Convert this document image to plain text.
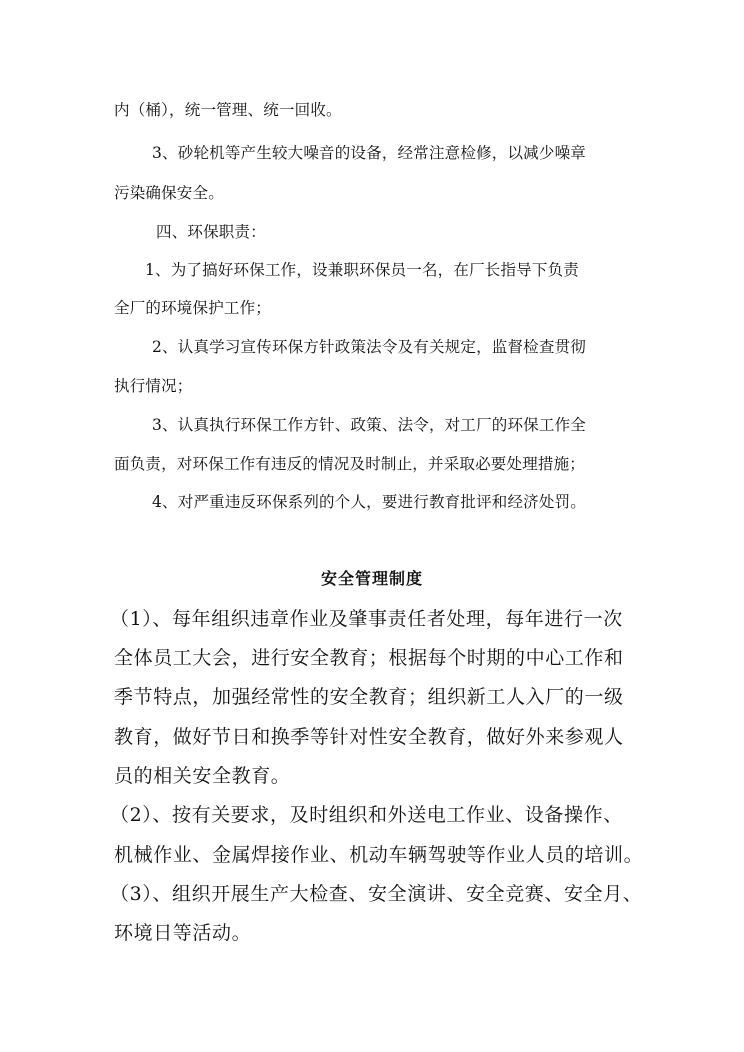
内（桶），统一管理、统一回收。
3、砂轮机等产生较大噪音的设备，经常注意检修，以减少噪章
污染确保安全。
四、环保职责：
1、为了搞好环保工作，设兼职环保员一名，在厂长指导下负责
全厂的环境保护工作；
2、认真学习宣传环保方针政策法令及有关规定，监督检查贯彻
执行情况；
3、认真执行环保工作方针、政策、法令，对工厂的环保工作全
面负责，对环保工作有违反的情况及时制止，并采取必要处理措施；
4、对严重违反环保系列的个人，要进行教育批评和经济处罚。
安全管理制度
（1）、每年组织违章作业及肇事责任者处理，每年进行一次
全体员工大会，进行安全教育；根据每个时期的中心工作和
季节特点，加强经常性的安全教育；组织新工人入厂的一级
教育，做好节日和换季等针对性安全教育，做好外来参观人
员的相关安全教育。
（2）、按有关要求，及时组织和外送电工作业、设备操作、
机械作业、金属焊接作业、机动车辆驾驶等作业人员的培训。
（3）、组织开展生产大检查、安全演讲、安全竞赛、安全月、
环境日等活动。
